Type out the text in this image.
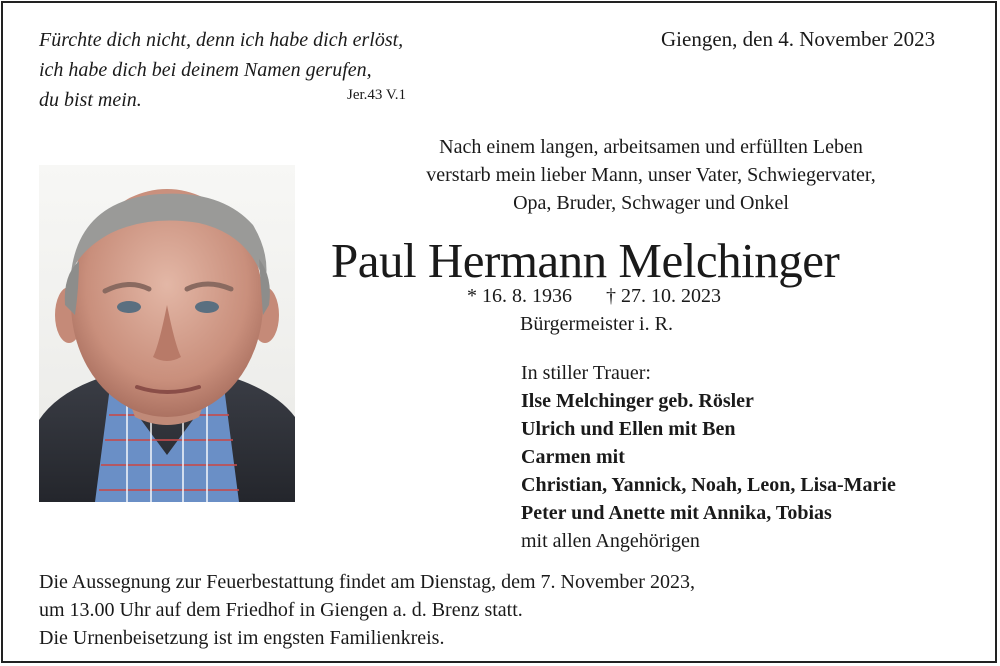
Fürchte dich nicht, denn ich habe dich erlöst,
ich habe dich bei deinem Namen gerufen,
du bist mein.	Jer.43 V.1
Giengen, den 4. November 2023
Nach einem langen, arbeitsamen und erfüllten Leben
verstarb mein lieber Mann, unser Vater, Schwiegervater,
Opa, Bruder, Schwager und Onkel
Paul Hermann Melchinger
* 16. 8. 1936 † 27. 10. 2023
Bürgermeister i. R.
In stiller Trauer:
Ilse Melchinger geb. Rösler
Ulrich und Ellen mit Ben
Carmen mit
Christian, Yannick, Noah, Leon, Lisa-Marie
Peter und Anette mit Annika, Tobias
mit allen Angehörigen
Die Aussegnung zur Feuerbestattung findet am Dienstag, dem 7. November 2023,
um 13.00 Uhr auf dem Friedhof in Giengen a. d. Brenz statt.
Die Urnenbeisetzung ist im engsten Familienkreis.
